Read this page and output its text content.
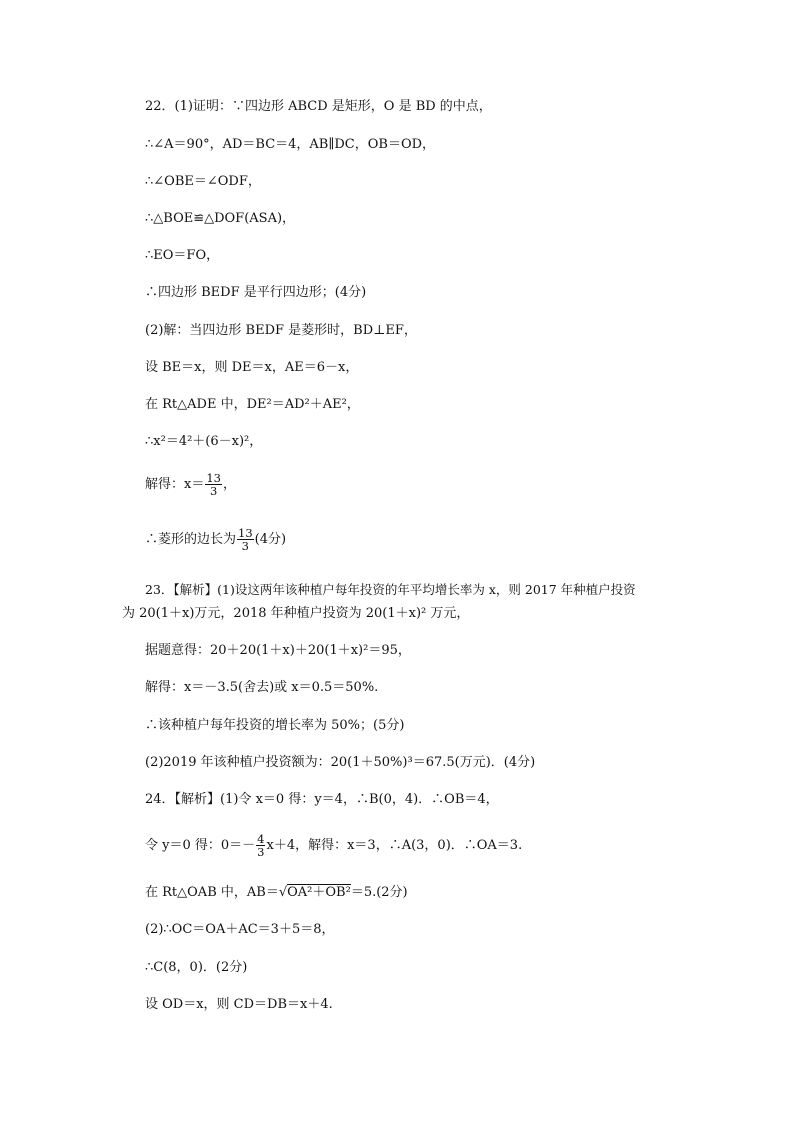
22．(1)证明：∵四边形 ABCD 是矩形，O 是 BD 的中点，
∴∠A＝90°，AD＝BC＝4，AB∥DC，OB＝OD，
∴∠OBE＝∠ODF，
∴△BOE≌△DOF(ASA)，
∴EO＝FO，
∴四边形 BEDF 是平行四边形；(4分)
(2)解：当四边形 BEDF 是菱形时，BD⊥EF，
设 BE＝x，则 DE＝x，AE＝6－x，
在 Rt△ADE 中，DE²＝AD²＋AE²，
∴x²＝4²＋(6－x)²，
解得：$x= \frac{13}{3}$ ，
∴菱形的边长为 $\frac{13}{3} (4$分)
23．【解析】(1)设这两年该种植户每年投资的年平均增长率为 x，则 2017 年种植户投资
为 20(1＋x)万元，2018 年种植户投资为 20(1＋x)² 万元，
据题意得：20＋20(1＋x)＋20(1＋x)²＝95，
解得：x＝－3.5(舍去)或 x＝0.5＝50%.
∴该种植户每年投资的增长率为 50%；(5分)
(2)2019 年该种植户投资额为：20(1＋50%)³＝67.5(万元)．(4分)
24．【解析】(1)令 x＝0 得：y＝4，∴B(0，4)．∴OB＝4，
令 y＝0 得：$0=- \frac{4}{3} x+4$，解得：x＝3，∴A(3，0)．∴OA＝3.
在 Rt△OAB 中，AB＝√OA²＋OB²＝5.(2分)
(2)∴OC＝OA＋AC＝3＋5＝8，
∴C(8，0)．(2分)
设 OD＝x，则 CD＝DB＝x＋4.
